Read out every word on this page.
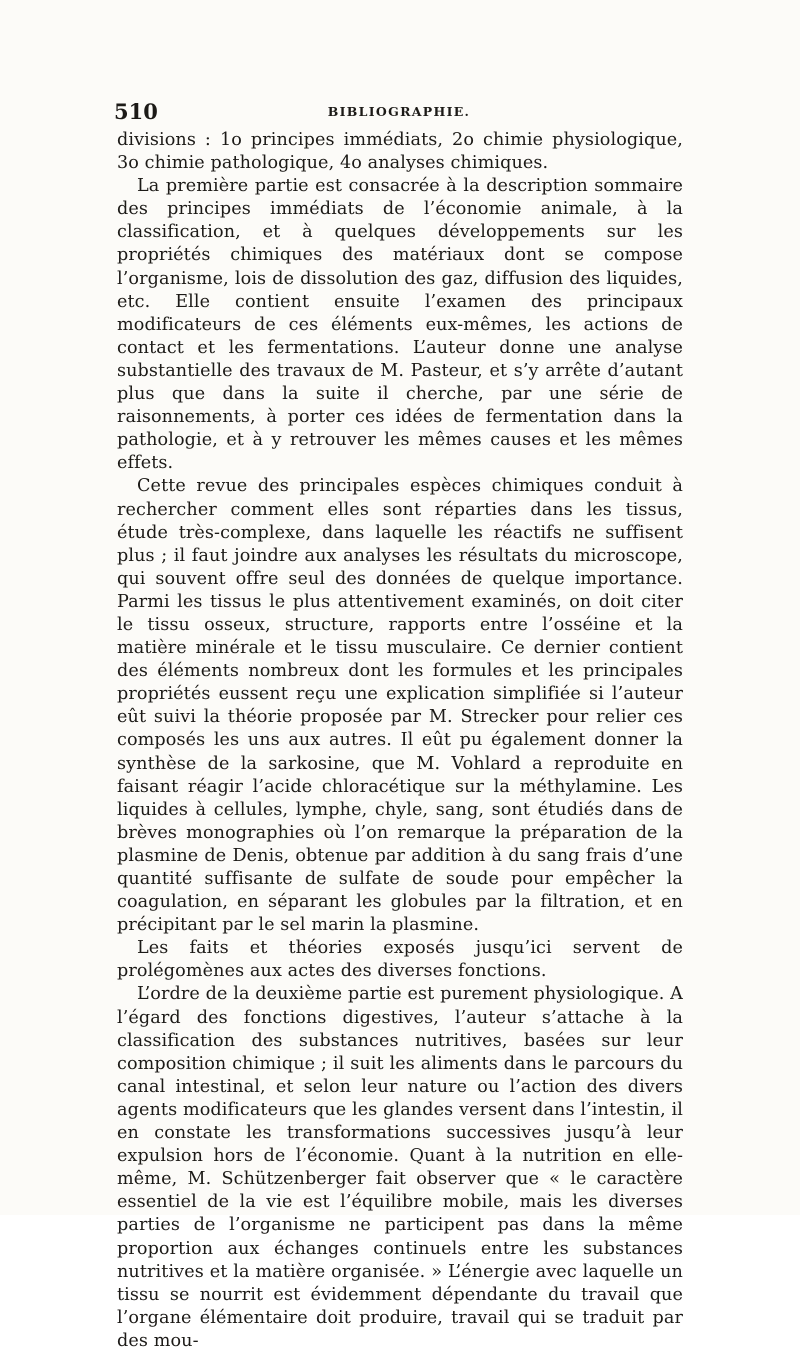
510	BIBLIOGRAPHIE.

divisions : 1o principes immédiats, 2o chimie physiologique, 3o chimie pathologique, 4o analyses chimiques.

La première partie est consacrée à la description sommaire des principes immédiats de l’économie animale, à la classification, et à quelques développements sur les propriétés chimiques des matériaux dont se compose l’organisme, lois de dissolution des gaz, diffusion des liquides, etc. Elle contient ensuite l’examen des principaux modificateurs de ces éléments eux-mêmes, les actions de contact et les fermentations. L’auteur donne une analyse substantielle des travaux de M. Pasteur, et s’y arrête d’autant plus que dans la suite il cherche, par une série de raisonnements, à porter ces idées de fermentation dans la pathologie, et à y retrouver les mêmes causes et les mêmes effets.

Cette revue des principales espèces chimiques conduit à rechercher comment elles sont réparties dans les tissus, étude très-complexe, dans laquelle les réactifs ne suffisent plus ; il faut joindre aux analyses les résultats du microscope, qui souvent offre seul des données de quelque importance. Parmi les tissus le plus attentivement examinés, on doit citer le tissu osseux, structure, rapports entre l’osséine et la matière minérale et le tissu musculaire. Ce dernier contient des éléments nombreux dont les formules et les principales propriétés eussent reçu une explication simplifiée si l’auteur eût suivi la théorie proposée par M. Strecker pour relier ces composés les uns aux autres. Il eût pu également donner la synthèse de la sarkosine, que M. Vohlard a reproduite en faisant réagir l’acide chloracétique sur la méthylamine. Les liquides à cellules, lymphe, chyle, sang, sont étudiés dans de brèves monographies où l’on remarque la préparation de la plasmine de Denis, obtenue par addition à du sang frais d’une quantité suffisante de sulfate de soude pour empêcher la coagulation, en séparant les globules par la filtration, et en précipitant par le sel marin la plasmine.

Les faits et théories exposés jusqu’ici servent de prolégomènes aux actes des diverses fonctions.

L’ordre de la deuxième partie est purement physiologique. A l’égard des fonctions digestives, l’auteur s’attache à la classification des substances nutritives, basées sur leur composition chimique ; il suit les aliments dans le parcours du canal intestinal, et selon leur nature ou l’action des divers agents modificateurs que les glandes versent dans l’intestin, il en constate les transformations successives jusqu’à leur expulsion hors de l’économie. Quant à la nutrition en elle-même, M. Schützenberger fait observer que « le caractère essentiel de la vie est l’équilibre mobile, mais les diverses parties de l’organisme ne participent pas dans la même proportion aux échanges continuels entre les substances nutritives et la matière organisée. » L’énergie avec laquelle un tissu se nourrit est évidemment dépendante du travail que l’organe élémentaire doit produire, travail qui se traduit par des mou-
